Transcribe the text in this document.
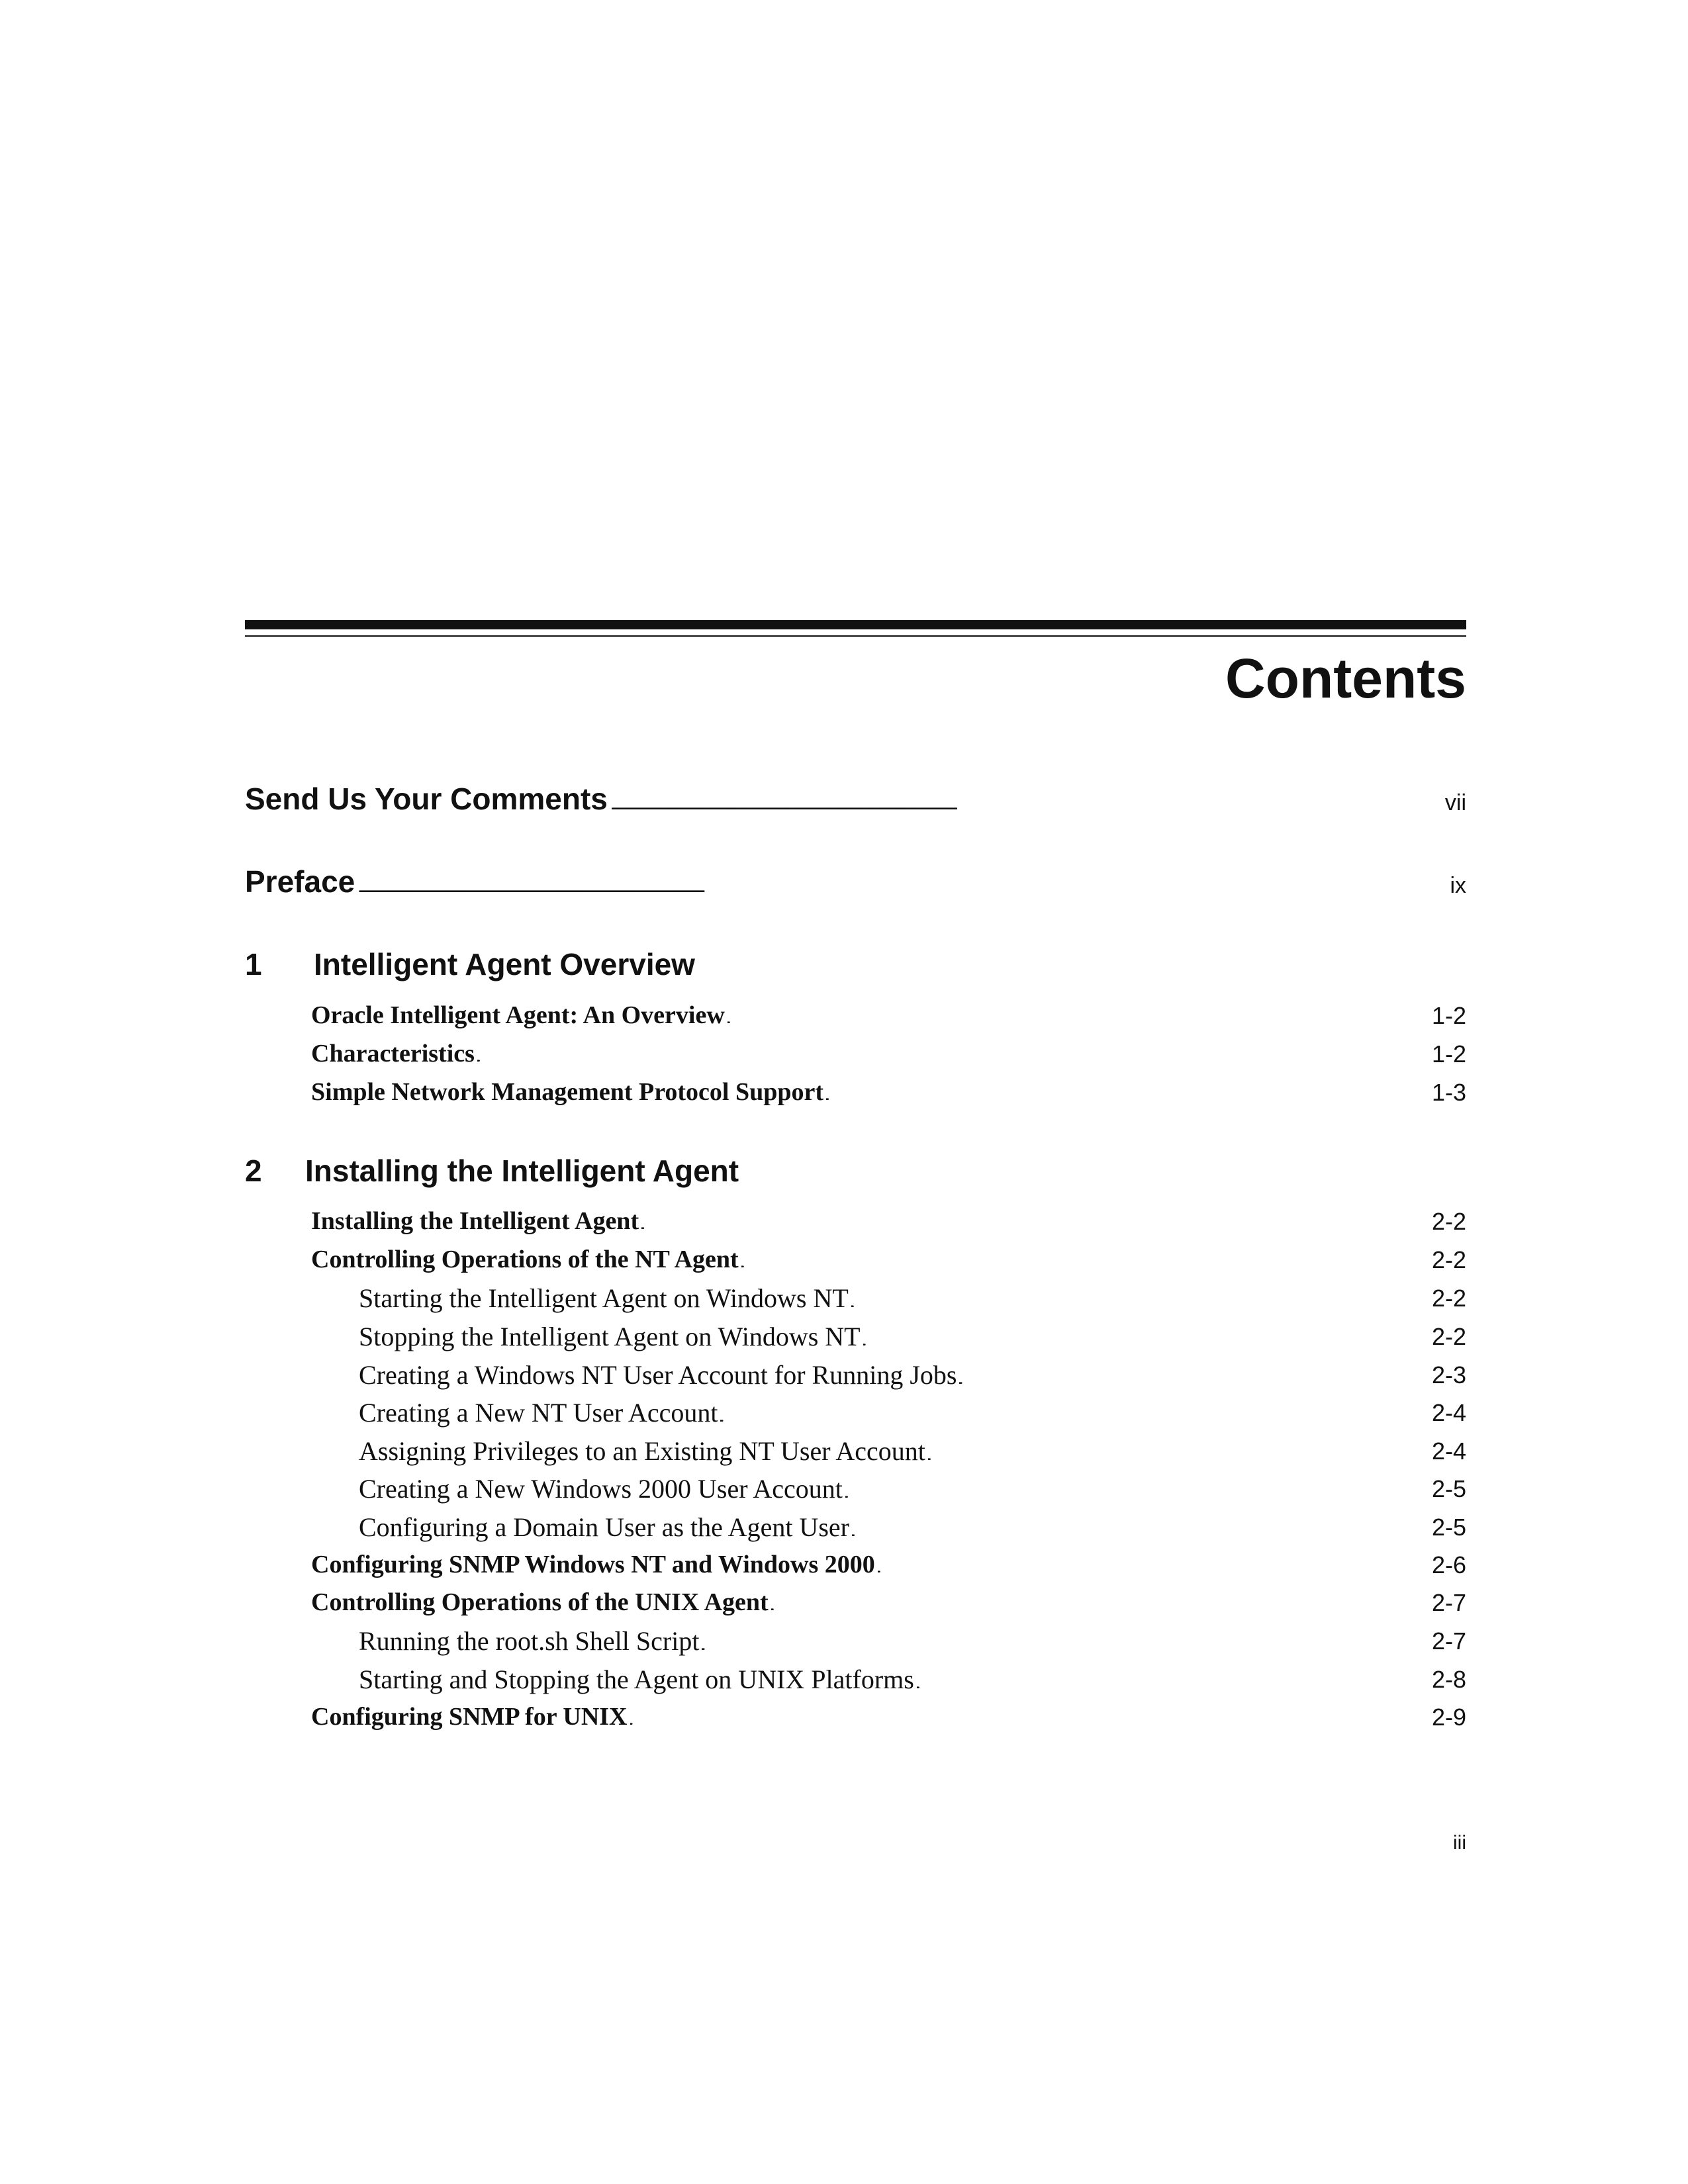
Contents
Send Us Your Comments . . .	vii
Preface . . .	ix
1 Intelligent Agent Overview
Oracle Intelligent Agent: An Overview . . .	1-2
Characteristics . . .	1-2
Simple Network Management Protocol Support . . .	1-3
2 Installing the Intelligent Agent
Installing the Intelligent Agent . . .	2-2
Controlling Operations of the NT Agent . . .	2-2
Starting the Intelligent Agent on Windows NT . . .	2-2
Stopping the Intelligent Agent on Windows NT . . .	2-2
Creating a Windows NT User Account for Running Jobs . . .	2-3
Creating a New NT User Account . . .	2-4
Assigning Privileges to an Existing NT User Account . . .	2-4
Creating a New Windows 2000 User Account . . .	2-5
Configuring a Domain User as the Agent User . . .	2-5
Configuring SNMP Windows NT and Windows 2000 . . .	2-6
Controlling Operations of the UNIX Agent . . .	2-7
Running the root.sh Shell Script . . .	2-7
Starting and Stopping the Agent on UNIX Platforms . . .	2-8
Configuring SNMP for UNIX . . .	2-9
iii
